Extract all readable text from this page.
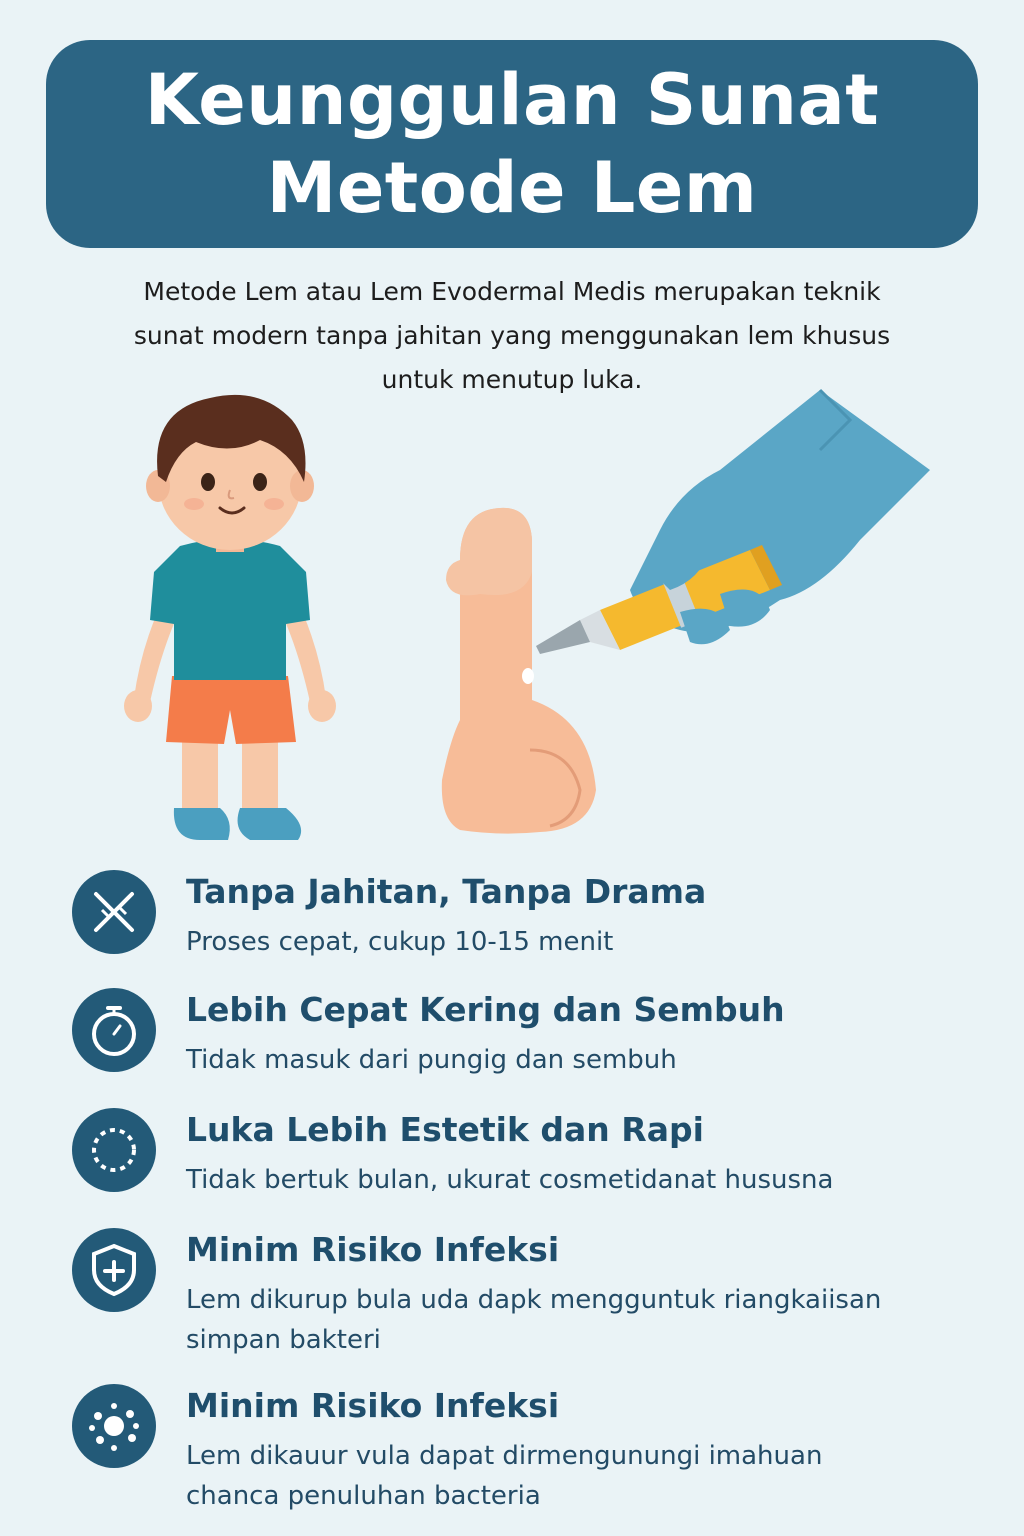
Keunggulan Sunat
Metode Lem
Metode Lem atau Lem Evodermal Medis merupakan teknik
sunat modern tanpa jahitan yang menggunakan lem khusus
untuk menutup luka.
Tanpa Jahitan, Tanpa Drama
Proses cepat, cukup 10-15 menit
Lebih Cepat Kering dan Sembuh
Tidak masuk dari pungig dan sembuh
Luka Lebih Estetik dan Rapi
Tidak bertuk bulan, ukurat cosmetidanat hususna
Minim Risiko Infeksi
Lem dikurup bula uda dapk mengguntuk riangkaiisan
simpan bakteri
Minim Risiko Infeksi
Lem dikauur vula dapat dirmengunungi imahuan
chanca penuluhan bacteria
